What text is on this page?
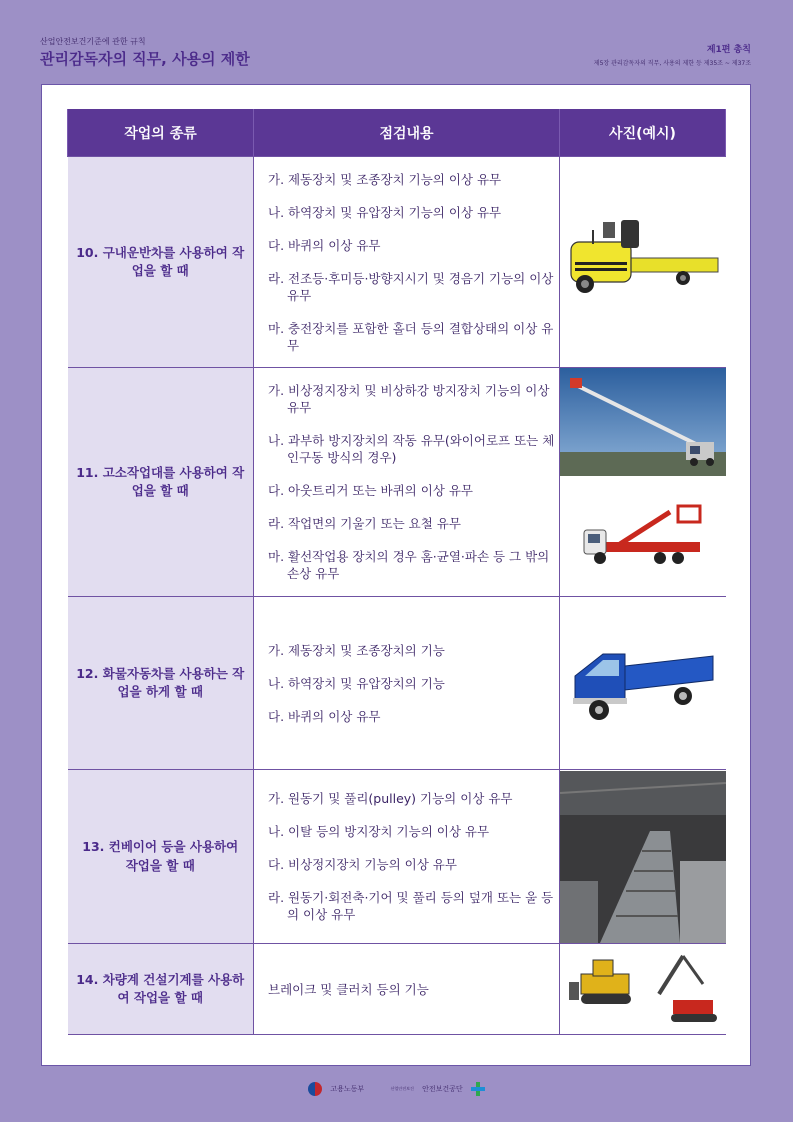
산업안전보건기준에 관한 규칙
관리감독자의 직무, 사용의 제한	제1편 총칙
제5장 관리감독자의 직무, 사용의 제한 등 제35조 ~ 제37조
작업의 종류	점검내용	사진(예시)

10. 구내운반차를 사용하여 작업을 할 때	가. 제동장치 및 조종장치 기능의 이상 유무

나. 하역장치 및 유압장치 기능의 이상 유무

다. 바퀴의 이상 유무

라. 전조등·후미등·방향지시기 및 경음기 기능의 이상 유무

마. 충전장치를 포함한 홀더 등의 결합상태의 이상 유무

11. 고소작업대를 사용하여 작업을 할 때	가. 비상정지장치 및 비상하강 방지장치 기능의 이상 유무

나. 과부하 방지장치의 작동 유무(와이어로프 또는 체인구동 방식의 경우)

다. 아웃트리거 또는 바퀴의 이상 유무

라. 작업면의 기울기 또는 요철 유무

마. 활선작업용 장치의 경우 홈·균열·파손 등 그 밖의 손상 유무

12. 화물자동차를 사용하는 작업을 하게 할 때	가. 제동장치 및 조종장치의 기능

나. 하역장치 및 유압장치의 기능

다. 바퀴의 이상 유무

13. 컨베이어 등을 사용하여 작업을 할 때	가. 원동기 및 풀리(pulley) 기능의 이상 유무

나. 이탈 등의 방지장치 기능의 이상 유무

다. 비상정지장치 기능의 이상 유무

라. 원동기·회전축·기어 및 풀리 등의 덮개 또는 울 등의 이상 유무

14. 차량계 건설기계를 사용하여 작업을 할 때	브레이크 및 클러치 등의 기능

고용노동부	산업안전보건 안전보건공단
